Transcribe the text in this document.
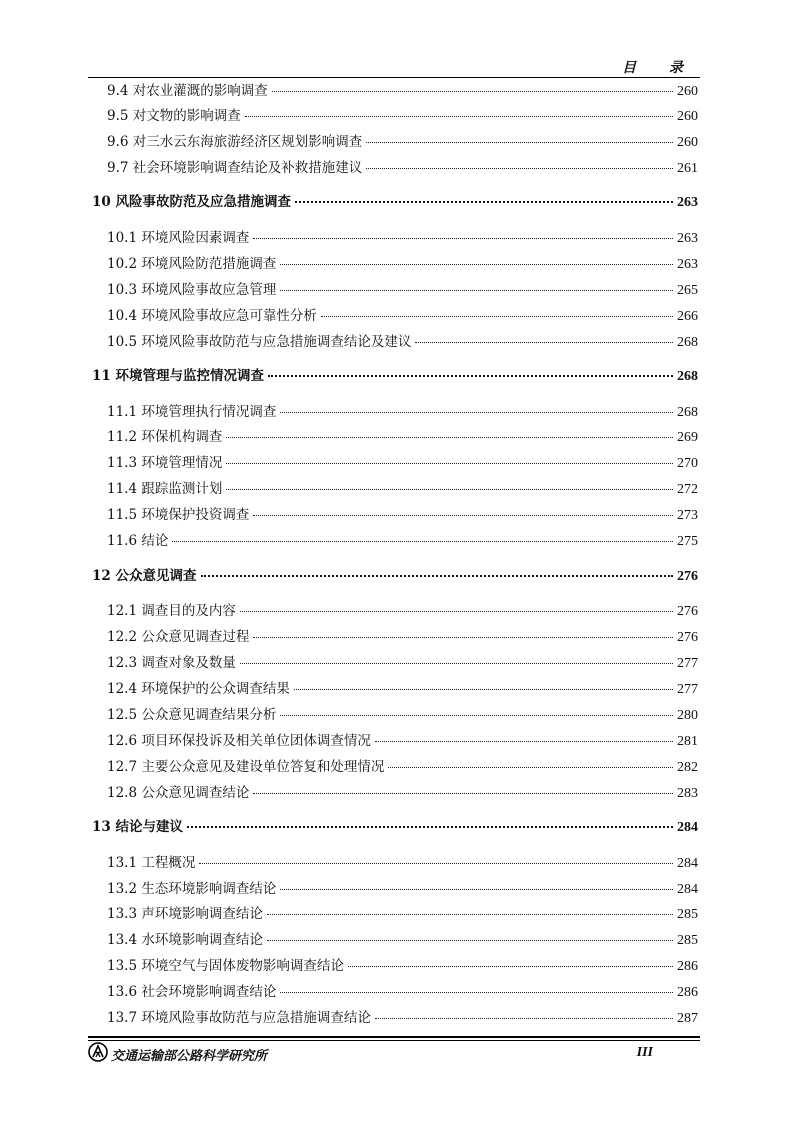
目 录
9.4 对农业灌溉的影响调查	260
9.5 对文物的影响调查	260
9.6 对三水云东海旅游经济区规划影响调查	260
9.7 社会环境影响调查结论及补救措施建议	261
10 风险事故防范及应急措施调查	263
10.1 环境风险因素调查	263
10.2 环境风险防范措施调查	263
10.3 环境风险事故应急管理	265
10.4 环境风险事故应急可靠性分析	266
10.5 环境风险事故防范与应急措施调查结论及建议	268
11 环境管理与监控情况调查	268
11.1 环境管理执行情况调查	268
11.2 环保机构调查	269
11.3 环境管理情况	270
11.4 跟踪监测计划	272
11.5 环境保护投资调查	273
11.6 结论	275
12 公众意见调查	276
12.1 调查目的及内容	276
12.2 公众意见调查过程	276
12.3 调查对象及数量	277
12.4 环境保护的公众调查结果	277
12.5 公众意见调查结果分析	280
12.6 项目环保投诉及相关单位团体调查情况	281
12.7 主要公众意见及建设单位答复和处理情况	282
12.8 公众意见调查结论	283
13 结论与建议	284
13.1 工程概况	284
13.2 生态环境影响调查结论	284
13.3 声环境影响调查结论	285
13.4 水环境影响调查结论	285
13.5 环境空气与固体废物影响调查结论	286
13.6 社会环境影响调查结论	286
13.7 环境风险事故防范与应急措施调查结论	287
交通运输部公路科学研究所	III
